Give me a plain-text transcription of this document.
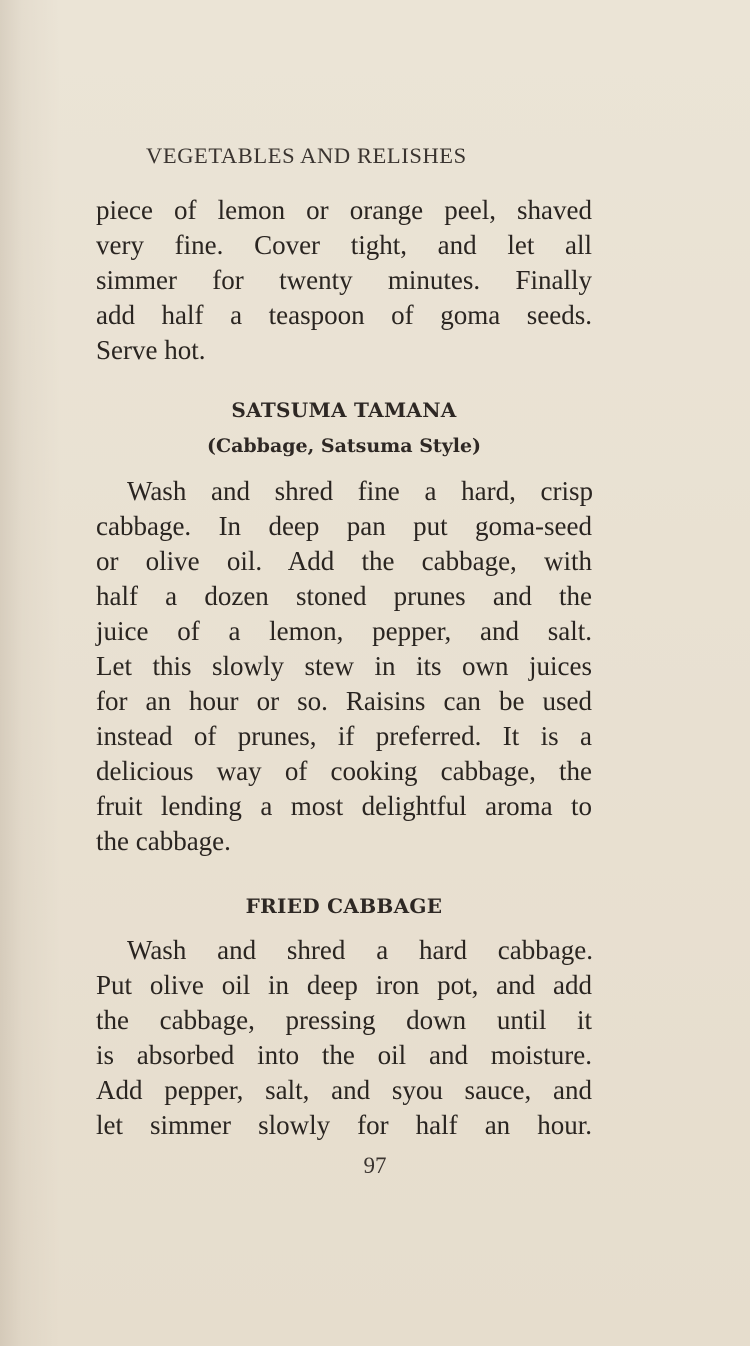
VEGETABLES AND RELISHES
piece of lemon or orange peel, shaved
very fine. Cover tight, and let all
simmer for twenty minutes. Finally
add half a teaspoon of goma seeds.
Serve hot.
SATSUMA TAMANA
(Cabbage, Satsuma Style)
Wash and shred fine a hard, crisp
cabbage. In deep pan put goma-seed
or olive oil. Add the cabbage, with
half a dozen stoned prunes and the
juice of a lemon, pepper, and salt.
Let this slowly stew in its own juices
for an hour or so. Raisins can be used
instead of prunes, if preferred. It is a
delicious way of cooking cabbage, the
fruit lending a most delightful aroma to
the cabbage.
FRIED CABBAGE
Wash and shred a hard cabbage.
Put olive oil in deep iron pot, and add
the cabbage, pressing down until it
is absorbed into the oil and moisture.
Add pepper, salt, and syou sauce, and
let simmer slowly for half an hour.
97
